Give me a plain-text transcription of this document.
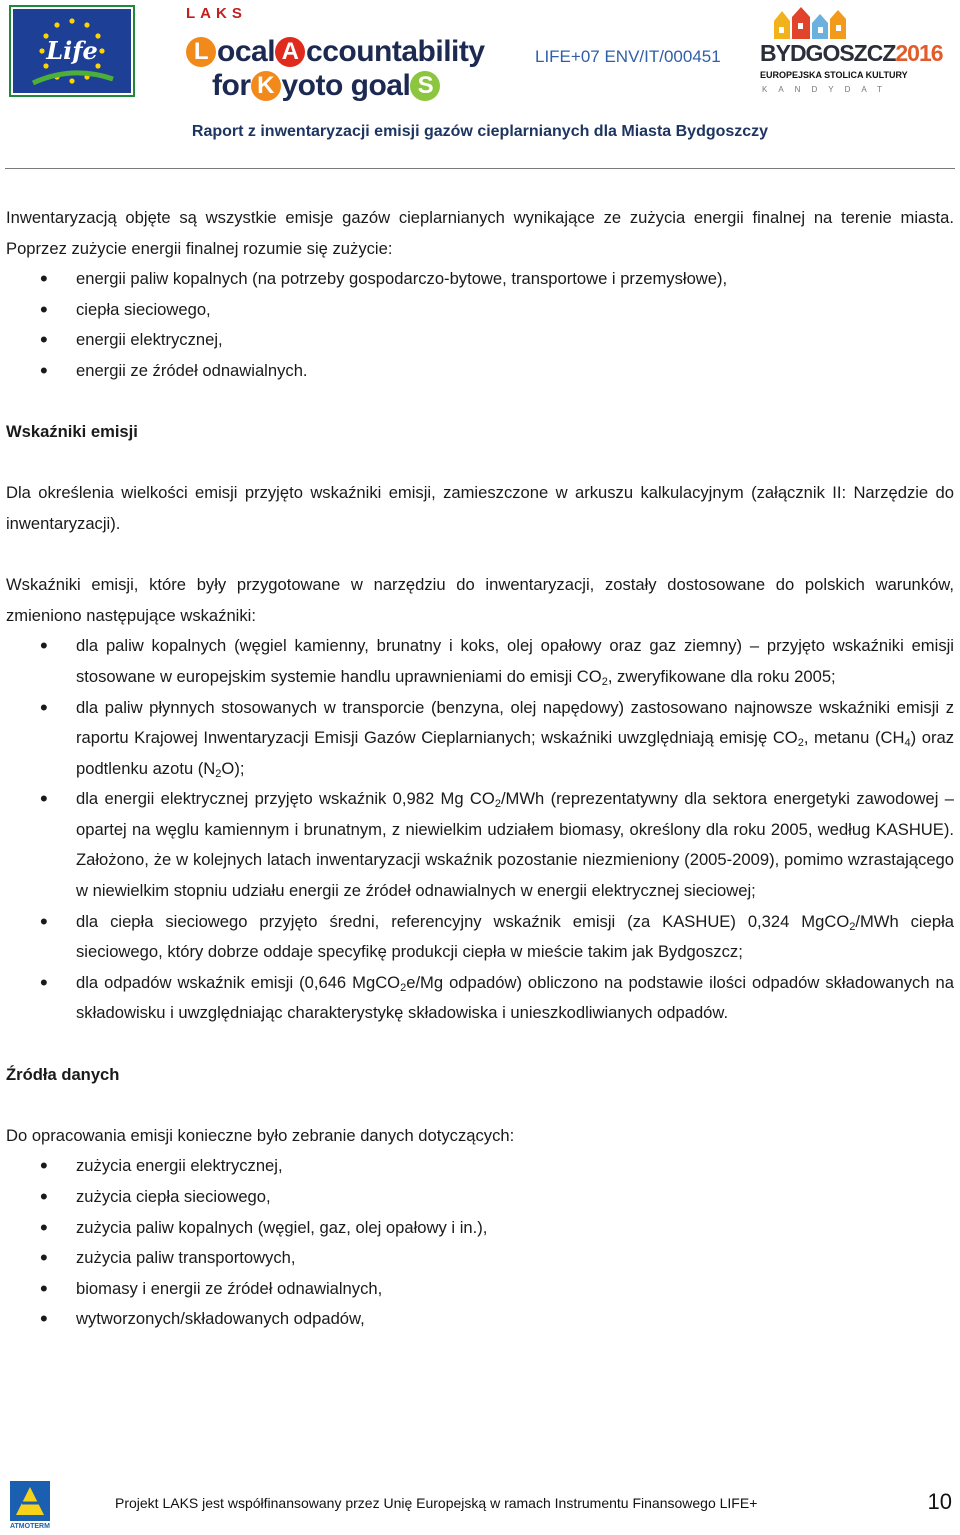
Life
LAKS
L ocal A ccountability
for K yoto goal S
LIFE+07 ENV/IT/000451 BYDGOSZCZ2016
EUROPEJSKA STOLICA KULTURY
KANDYDAT
Raport z inwentaryzacji emisji gazów cieplarnianych dla Miasta Bydgoszczy

Inwentaryzacją objęte są wszystkie emisje gazów cieplarnianych wynikające ze zużycia energii finalnej na terenie miasta. Poprzez zużycie energii finalnej rozumie się zużycie:

• energii paliw kopalnych (na potrzeby gospodarczo-bytowe, transportowe i przemysłowe),
• ciepła sieciowego,
• energii elektrycznej,
• energii ze źródeł odnawialnych.

Wskaźniki emisji

Dla określenia wielkości emisji przyjęto wskaźniki emisji, zamieszczone w arkuszu kalkulacyjnym (załącznik II: Narzędzie do inwentaryzacji).

Wskaźniki emisji, które były przygotowane w narzędziu do inwentaryzacji, zostały dostosowane do polskich warunków, zmieniono następujące wskaźniki:

• dla paliw kopalnych (węgiel kamienny, brunatny i koks, olej opałowy oraz gaz ziemny) – przyjęto wskaźniki emisji stosowane w europejskim systemie handlu uprawnieniami do emisji $CO_2$, zweryfikowane dla roku 2005;
• dla paliw płynnych stosowanych w transporcie (benzyna, olej napędowy) zastosowano najnowsze wskaźniki emisji z raportu Krajowej Inwentaryzacji Emisji Gazów Cieplarnianych; wskaźniki uwzględniają emisję $CO_2$, metanu $(CH_4)$ oraz podtlenku azotu $(N_2O)$;
• dla energii elektrycznej przyjęto wskaźnik 0,982 Mg $CO_2$/MWh (reprezentatywny dla sektora energetyki zawodowej – opartej na węglu kamiennym i brunatnym, z niewielkim udziałem biomasy, określony dla roku 2005, według KASHUE). Założono, że w kolejnych latach inwentaryzacji wskaźnik pozostanie niezmieniony (2005-2009), pomimo wzrastającego w niewielkim stopniu udziału energii ze źródeł odnawialnych w energii elektrycznej sieciowej;
• dla ciepła sieciowego przyjęto średni, referencyjny wskaźnik emisji (za KASHUE) 0,324 MgCO$_2$/MWh ciepła sieciowego, który dobrze oddaje specyfikę produkcji ciepła w mieście takim jak Bydgoszcz;
• dla odpadów wskaźnik emisji (0,646 MgCO$_2$e/Mg odpadów) obliczono na podstawie ilości odpadów składowanych na składowisku i uwzględniając charakterystykę składowiska i unieszkodliwianych odpadów.

Źródła danych

Do opracowania emisji konieczne było zebranie danych dotyczących:

• zużycia energii elektrycznej,
• zużycia ciepła sieciowego,
• zużycia paliw kopalnych (węgiel, gaz, olej opałowy i in.),
• zużycia paliw transportowych,
• biomasy i energii ze źródeł odnawialnych,
• wytworzonych/składowanych odpadów,
ATMOTERM
Projekt LAKS jest współfinansowany przez Unię Europejską w ramach Instrumentu Finansowego LIFE+	10
